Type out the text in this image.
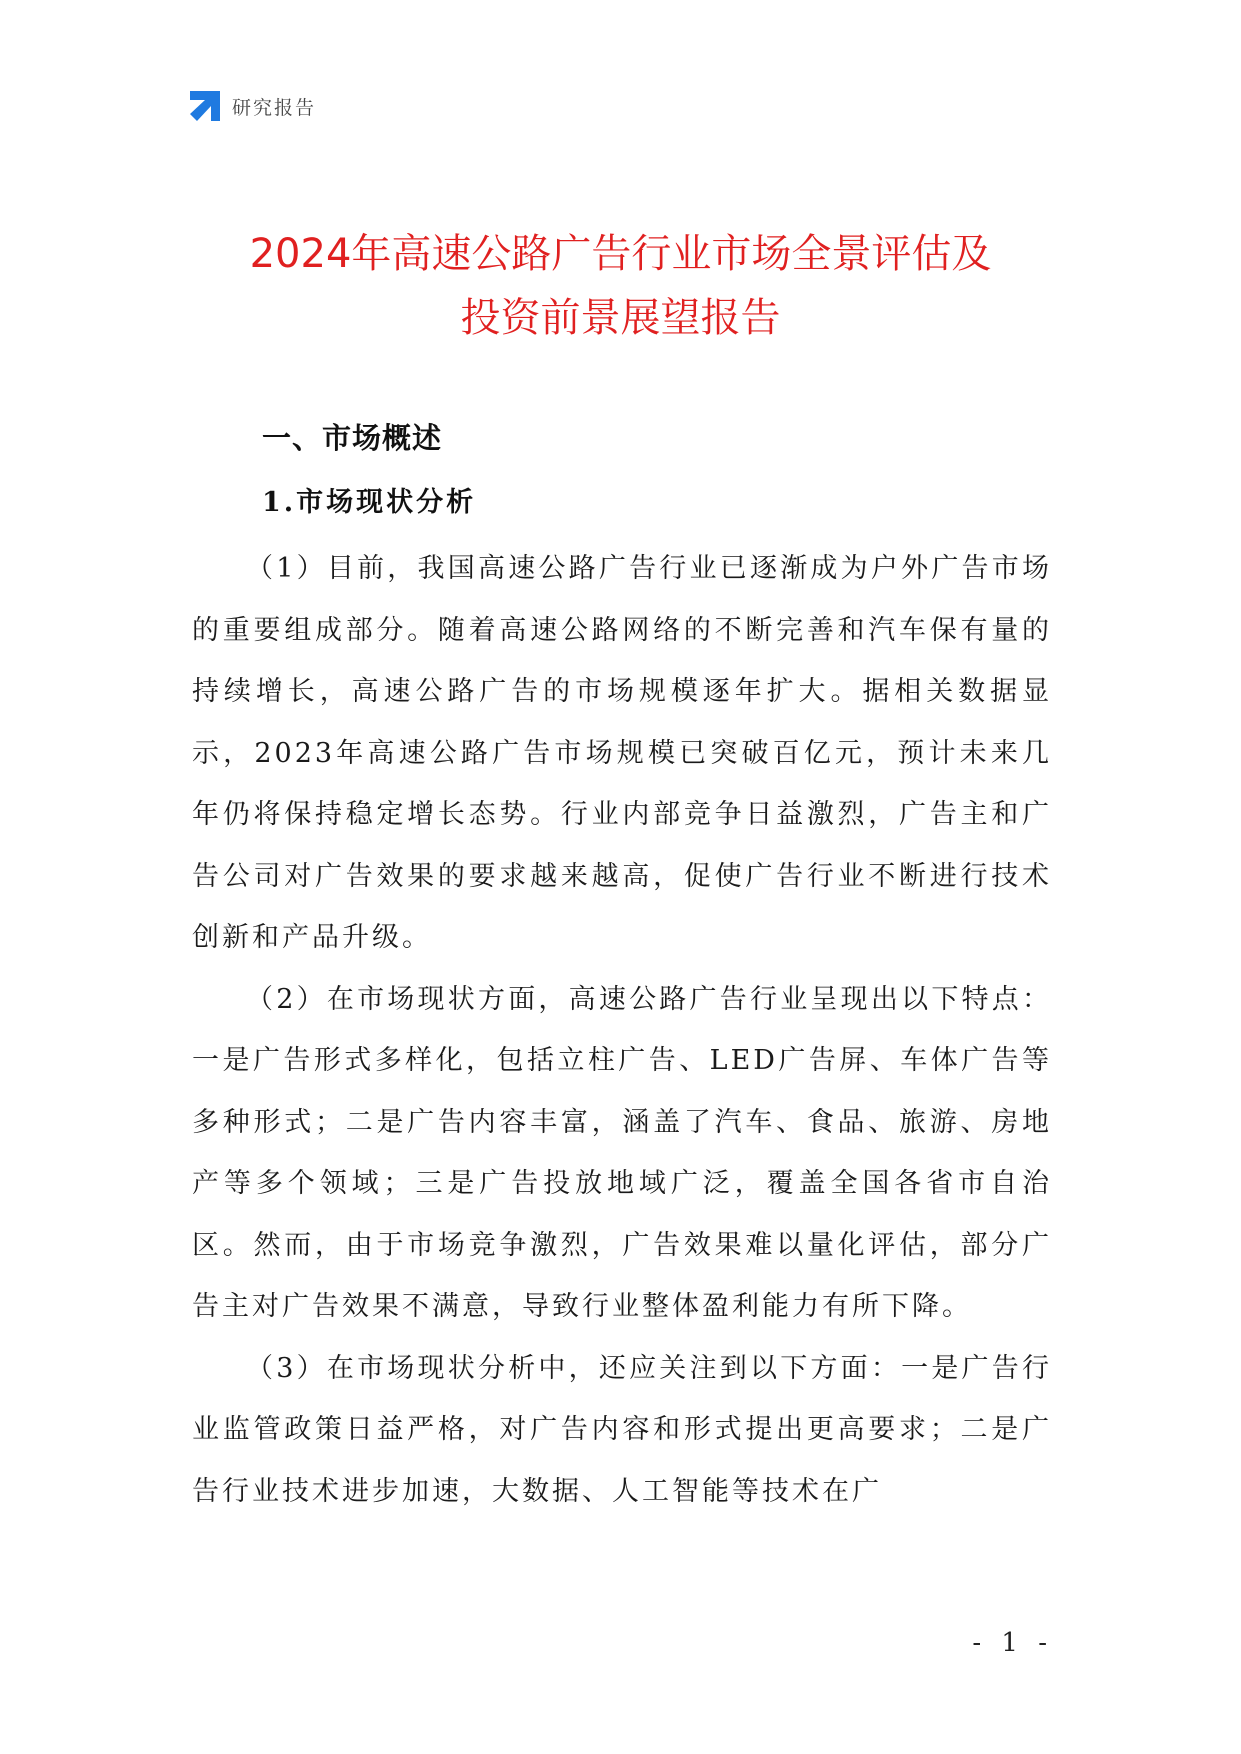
研究报告
2024年高速公路广告行业市场全景评估及
投资前景展望报告
一、市场概述
1.市场现状分析

（1）目前，我国高速公路广告行业已逐渐成为户外广告市场的重要组成部分。随着高速公路网络的不断完善和汽车保有量的持续增长，高速公路广告的市场规模逐年扩大。据相关数据显示，2023年高速公路广告市场规模已突破百亿元，预计未来几年仍将保持稳定增长态势。行业内部竞争日益激烈，广告主和广告公司对广告效果的要求越来越高，促使广告行业不断进行技术创新和产品升级。

（2）在市场现状方面，高速公路广告行业呈现出以下特点：一是广告形式多样化，包括立柱广告、LED广告屏、车体广告等多种形式；二是广告内容丰富，涵盖了汽车、食品、旅游、房地产等多个领域；三是广告投放地域广泛，覆盖全国各省市自治区。然而，由于市场竞争激烈，广告效果难以量化评估，部分广告主对广告效果不满意，导致行业整体盈利能力有所下降。

（3）在市场现状分析中，还应关注到以下方面：一是广告行业监管政策日益严格，对广告内容和形式提出更高要求；二是广告行业技术进步加速，大数据、人工智能等技术在广

- 1 -
